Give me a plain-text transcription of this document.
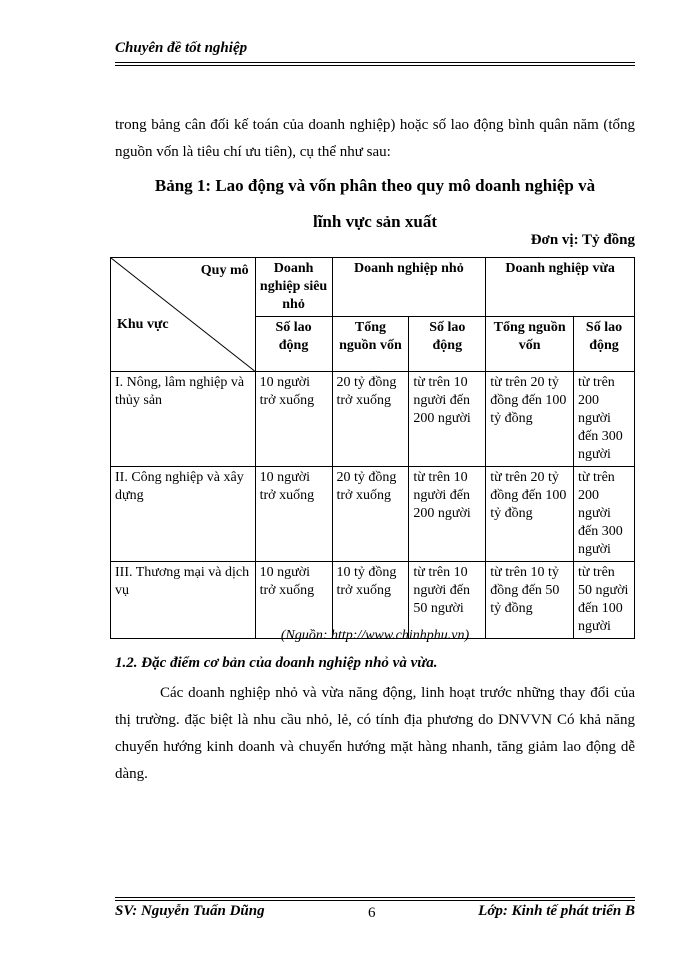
Chuyên đề tốt nghiệp
trong bảng cân đối kế toán của doanh nghiệp) hoặc số lao động bình quân năm (tổng nguồn vốn là tiêu chí ưu tiên), cụ thể như sau:
Bảng 1: Lao động và vốn phân theo quy mô doanh nghiệp và
lĩnh vực sản xuất
Đơn vị: Tỷ đồng
Quy mô
Khu vực	Doanh nghiệp siêu nhỏ	Doanh nghiệp nhỏ		Doanh nghiệp vừa	
	Số lao động	Tổng nguồn vốn	Số lao động	Tổng nguồn vốn	Số lao động
I. Nông, lâm nghiệp và thủy sản	10 người trở xuống	20 tỷ đồng trở xuống	từ trên 10 người đến 200 người	từ trên 20 tỷ đồng đến 100 tỷ đồng	từ trên 200 người đến 300 người
II. Công nghiệp và xây dựng	10 người trở xuống	20 tỷ đồng trở xuống	từ trên 10 người đến 200 người	từ trên 20 tỷ đồng đến 100 tỷ đồng	từ trên 200 người đến 300 người
III. Thương mại và dịch vụ	10 người trở xuống	10 tỷ đồng trở xuống	từ trên 10 người đến 50 người	từ trên 10 tỷ đồng đến 50 tỷ đồng	từ trên 50 người đến 100 người
(Nguồn: http://www.chinhphu.vn)
1.2. Đặc điểm cơ bản của doanh nghiệp nhỏ và vừa.
Các doanh nghiệp nhỏ và vừa năng động, linh hoạt trước những thay đổi của thị trường. đặc biệt là nhu cầu nhỏ, lẻ, có tính địa phương do DNVVN Có khả năng chuyển hướng kinh doanh và chuyển hướng mặt hàng nhanh, tăng giảm lao động dễ dàng.
SV: Nguyễn Tuấn Dũng	6	Lớp: Kinh tế phát triển B
